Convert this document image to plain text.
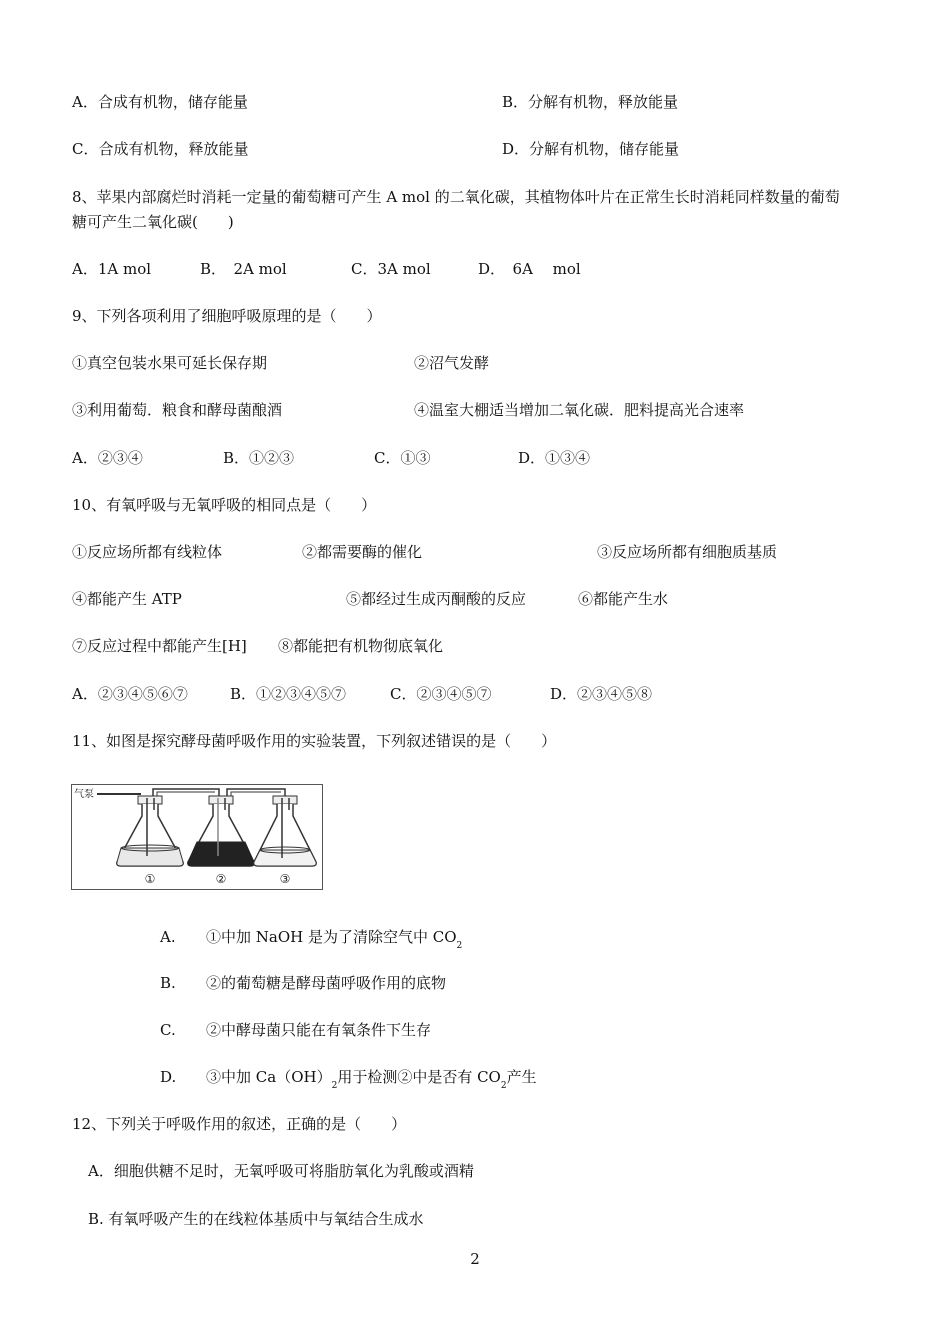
A．合成有机物，储存能量	B．分解有机物，释放能量
C．合成有机物，释放能量	D．分解有机物，储存能量
8、苹果内部腐烂时消耗一定量的葡萄糖可产生 A mol 的二氧化碳，其植物体叶片在正常生长时消耗同样数量的葡萄
糖可产生二氧化碳(　　)
A．1A mol	B．　2A mol	C．3A mol	D．　6A　 mol
9、下列各项利用了细胞呼吸原理的是（　　）
①真空包装水果可延长保存期	②沼气发酵
③利用葡萄．粮食和酵母菌酿酒	④温室大棚适当增加二氧化碳．肥料提高光合速率
A．②③④	B．①②③	C．①③	D．①③④
10、有氧呼吸与无氧呼吸的相同点是（　　）
①反应场所都有线粒体	②都需要酶的催化	③反应场所都有细胞质基质
④都能产生 ATP	⑤都经过生成丙酮酸的反应	⑥都能产生水
⑦反应过程中都能产生[H] ⑧都能把有机物彻底氧化
A．②③④⑤⑥⑦	B．①②③④⑤⑦	C．②③④⑤⑦	D．②③④⑤⑧
11、如图是探究酵母菌呼吸作用的实验装置，下列叙述错误的是（　　）
气泵
①	②	③
A. ①中加 NaOH 是为了清除空气中 $CO_2$
B. ②的葡萄糖是酵母菌呼吸作用的底物
C. ②中酵母菌只能在有氧条件下生存
D. ③中加 $Ca(OH)_2$用于检测②中是否有 $CO_2$产生
12、下列关于呼吸作用的叙述，正确的是（　　）
A．细胞供糖不足时，无氧呼吸可将脂肪氧化为乳酸或酒精
B. 有氧呼吸产生的在线粒体基质中与氧结合生成水
2
